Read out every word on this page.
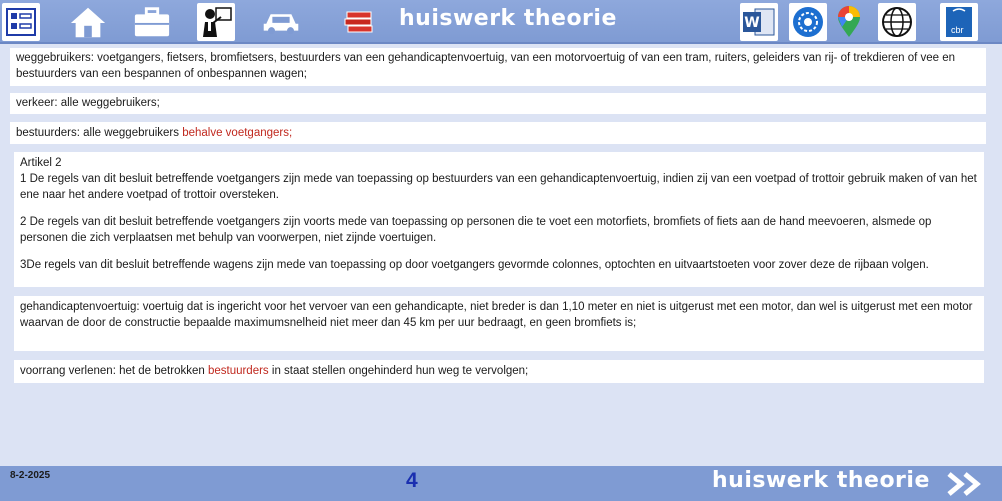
huiswerk theorie	W	cbr
weggebruikers: voetgangers, fietsers, bromfietsers, bestuurders van een gehandicaptenvoertuig, van een motorvoertuig of van een tram, ruiters, geleiders van rij- of trekdieren of vee en bestuurders van een bespannen of onbespannen wagen;
verkeer: alle weggebruikers;
bestuurders: alle weggebruikers behalve voetgangers;
Artikel 2
1 De regels van dit besluit betreffende voetgangers zijn mede van toepassing op bestuurders van een gehandicaptenvoertuig, indien zij van een voetpad of trottoir gebruik maken of van het ene naar het andere voetpad of trottoir oversteken.
2 De regels van dit besluit betreffende voetgangers zijn voorts mede van toepassing op personen die te voet een motorfiets, bromfiets of fiets aan de hand meevoeren, alsmede op personen die zich verplaatsen met behulp van voorwerpen, niet zijnde voertuigen.
3De regels van dit besluit betreffende wagens zijn mede van toepassing op door voetgangers gevormde colonnes, optochten en uitvaartstoeten voor zover deze de rijbaan volgen.
gehandicaptenvoertuig: voertuig dat is ingericht voor het vervoer van een gehandicapte, niet breder is dan 1,10 meter en niet is uitgerust met een motor, dan wel is uitgerust met een motor waarvan de door de constructie bepaalde maximumsnelheid niet meer dan 45 km per uur bedraagt, en geen bromfiets is;
voorrang verlenen: het de betrokken bestuurders in staat stellen ongehinderd hun weg te vervolgen;
8-2-2025	4	huiswerk theorie
